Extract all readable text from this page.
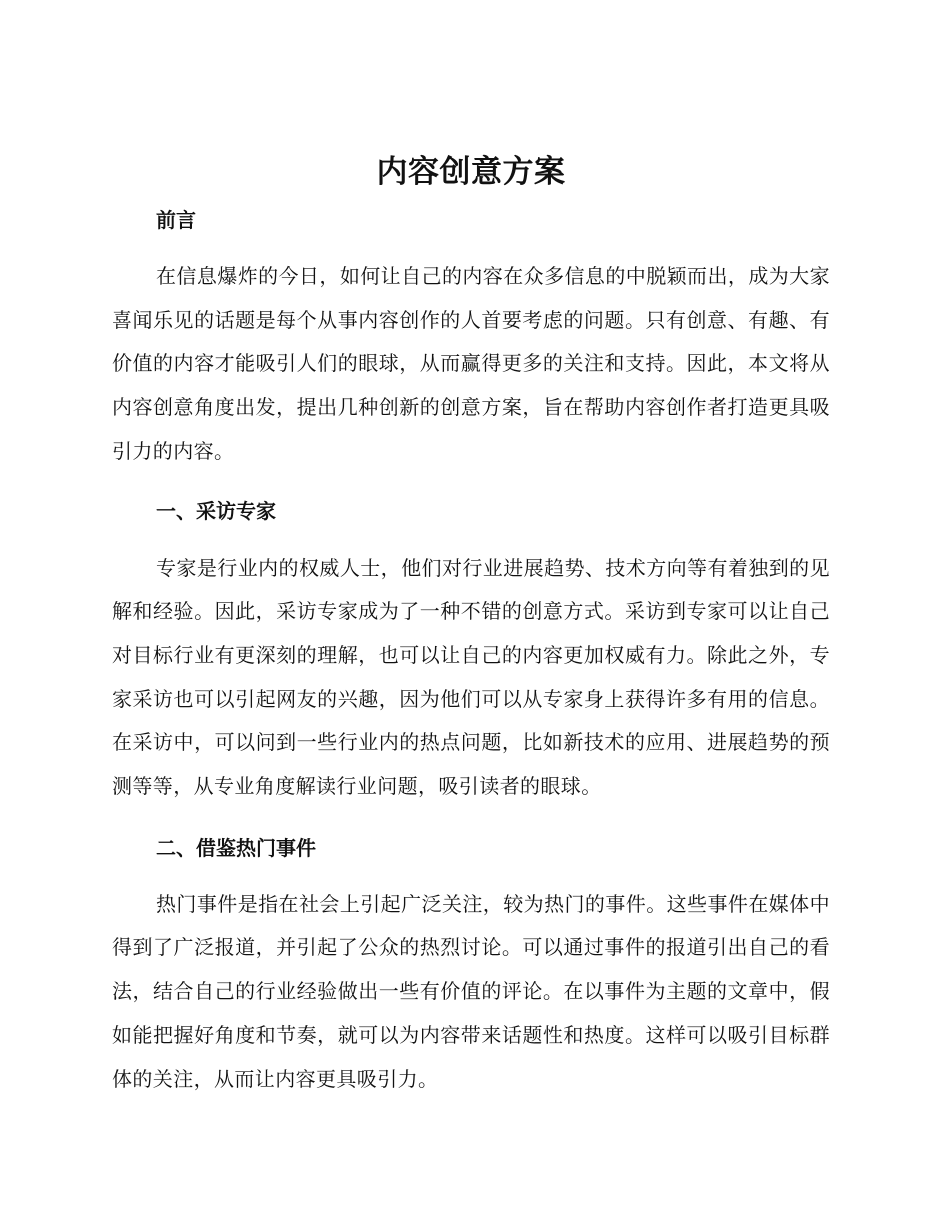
内容创意方案
前言

在信息爆炸的今日，如何让自己的内容在众多信息的中脱颖而出，成为大家喜闻乐见的话题是每个从事内容创作的人首要考虑的问题。只有创意、有趣、有价值的内容才能吸引人们的眼球，从而赢得更多的关注和支持。因此，本文将从内容创意角度出发，提出几种创新的创意方案，旨在帮助内容创作者打造更具吸引力的内容。

一、采访专家

专家是行业内的权威人士，他们对行业进展趋势、技术方向等有着独到的见解和经验。因此，采访专家成为了一种不错的创意方式。采访到专家可以让自己对目标行业有更深刻的理解，也可以让自己的内容更加权威有力。除此之外，专家采访也可以引起网友的兴趣，因为他们可以从专家身上获得许多有用的信息。在采访中，可以问到一些行业内的热点问题，比如新技术的应用、进展趋势的预测等等，从专业角度解读行业问题，吸引读者的眼球。

二、借鉴热门事件

热门事件是指在社会上引起广泛关注，较为热门的事件。这些事件在媒体中得到了广泛报道，并引起了公众的热烈讨论。可以通过事件的报道引出自己的看法，结合自己的行业经验做出一些有价值的评论。在以事件为主题的文章中，假如能把握好角度和节奏，就可以为内容带来话题性和热度。这样可以吸引目标群体的关注，从而让内容更具吸引力。
